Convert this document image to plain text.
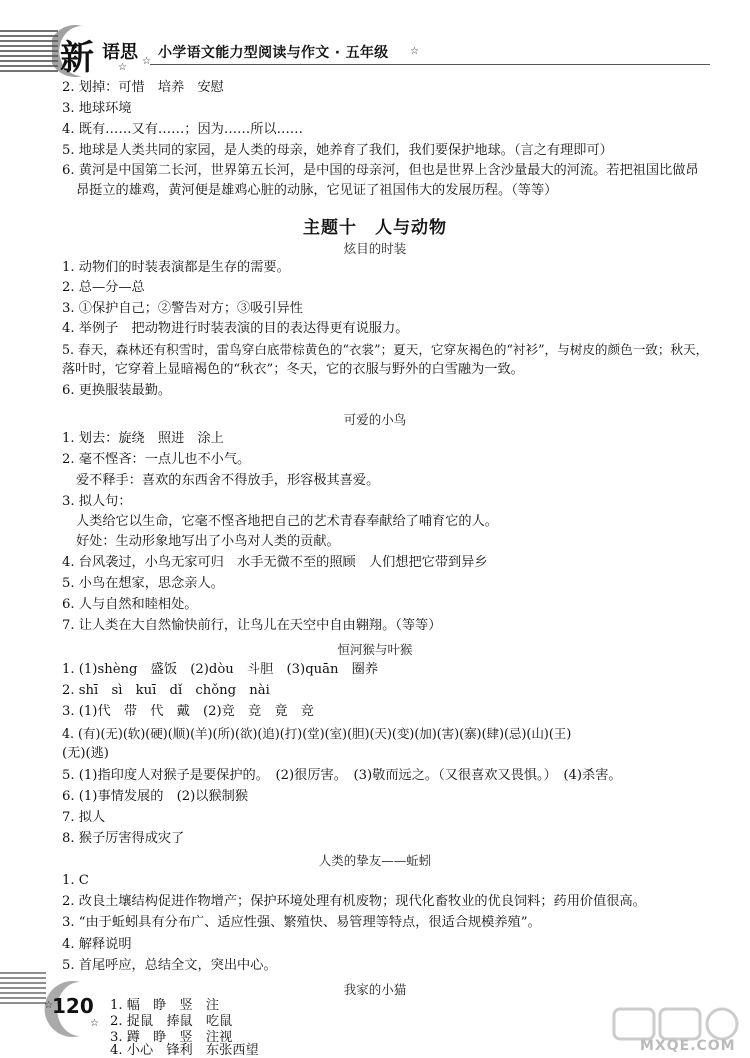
新 语思 ☆
☆
☆
小学语文能力型阅读与作文 · 五年级
2. 划掉：可惜　培养　安慰
3. 地球环境
4. 既有……又有……；因为……所以……
5. 地球是人类共同的家园，是人类的母亲，她养育了我们，我们要保护地球。（言之有理即可）
6. 黄河是中国第二长河，世界第五长河，是中国的母亲河，但也是世界上含沙量最大的河流。若把祖国比做昂
昂挺立的雄鸡，黄河便是雄鸡心脏的动脉，它见证了祖国伟大的发展历程。（等等）
主题十　人与动物
炫目的时装
1. 动物们的时装表演都是生存的需要。
2. 总—分—总
3. ①保护自己；②警告对方；③吸引异性
4. 举例子　把动物进行时装表演的目的表达得更有说服力。
5. 春天，森林还有积雪时，雷鸟穿白底带棕黄色的“衣裳”；夏天，它穿灰褐色的“衬衫”，与树皮的颜色一致；秋天，
落叶时，它穿着上显暗褐色的“秋衣”；冬天，它的衣服与野外的白雪融为一致。
6. 更换服装最勤。
可爱的小鸟
1. 划去：旋绕　照进　涂上
2. 毫不悭吝：一点儿也不小气。
爱不释手：喜欢的东西舍不得放手，形容极其喜爱。
3. 拟人句：
人类给它以生命，它毫不悭吝地把自己的艺术青春奉献给了哺育它的人。
好处：生动形象地写出了小鸟对人类的贡献。
4. 台风袭过，小鸟无家可归　水手无微不至的照顾　人们想把它带到异乡
5. 小鸟在想家，思念亲人。
6. 人与自然和睦相处。
7. 让人类在大自然愉快前行，让鸟儿在天空中自由翱翔。（等等）
恒河猴与叶猴
1. (1)shèng　盛饭　(2)dòu　斗胆　(3)quān　圈养
2. shī　sì　kuī　dǐ　chǒng　nài
3. (1)代　带　代　戴　(2)竞　竞　竟　竞
4. (有)(无)(软)(硬)(顺)(羊)(所)(欲)(追)(打)(堂)(室)(胆)(天)(变)(加)(害)(寨)(肆)(忌)(山)(王)
(无)(逃)
5. (1)指印度人对猴子是要保护的。　(2)很厉害。　(3)敬而远之。（又很喜欢又畏惧。）　(4)杀害。
6. (1)事情发展的　(2)以猴制猴
7. 拟人
8. 猴子厉害得成灾了
人类的挚友——蚯蚓
1. C
2. 改良土壤结构促进作物增产；保护环境处理有机废物；现代化畜牧业的优良饲料；药用价值很高。
3. “由于蚯蚓具有分布广、适应性强、繁殖快、易管理等特点，很适合规模养殖”。
4. 解释说明
5. 首尾呼应，总结全文，突出中心。
我家的小猫
1. 幅　睁　竖　注
2. 捉鼠　捧鼠　吃鼠
3. 蹲　睁　竖　注视
4. 小心　锋利　东张西望
☆
☆
120
MXQE.COM
